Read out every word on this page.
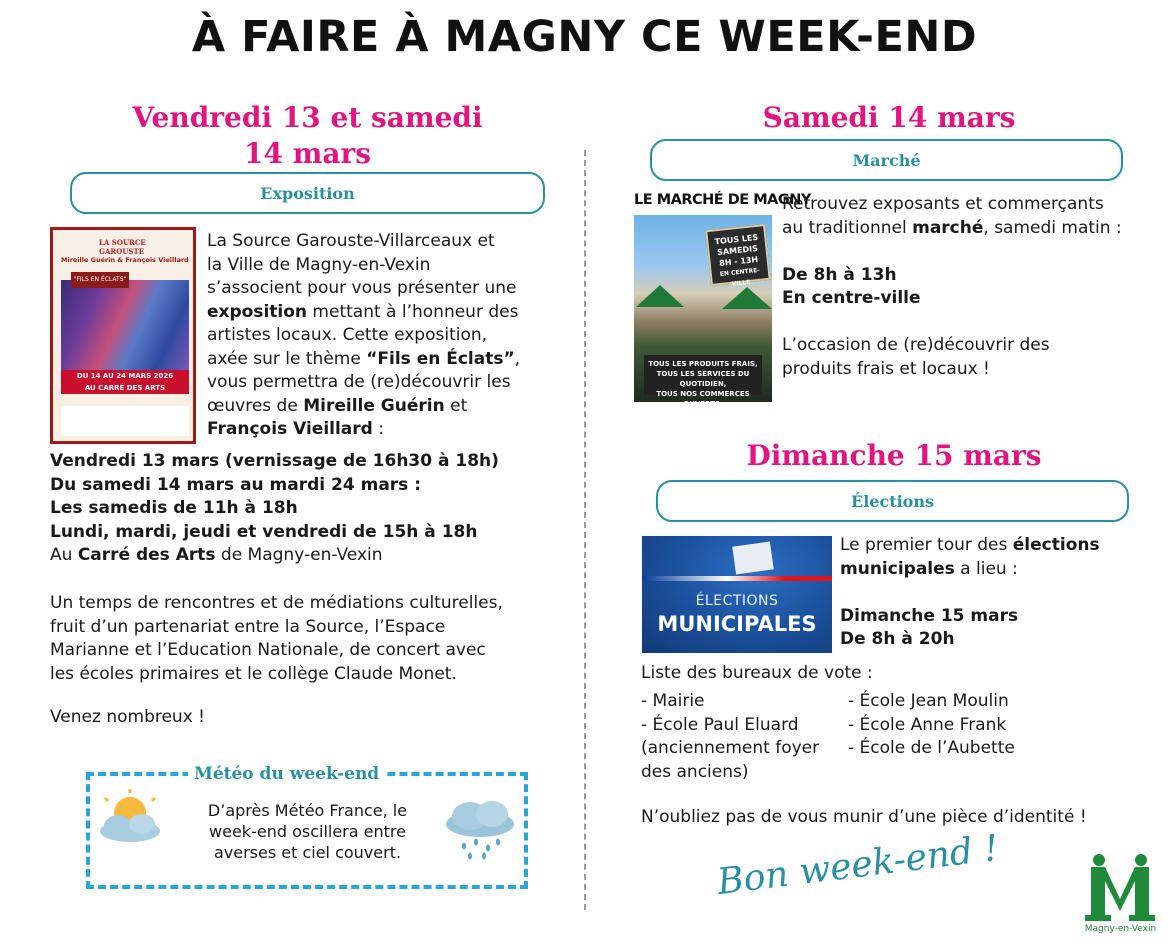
À FAIRE À MAGNY CE WEEK-END
Vendredi 13 et samedi
14 mars
Exposition
LA SOURCE GAROUSTE
Mireille Guérin & François Vieillard
"FILS EN ÉCLATS"
DU 14 AU 24 MARS 2026
AU CARRÉ DES ARTS
La Source Garouste-Villarceaux et
la Ville de Magny-en-Vexin
s’associent pour vous présenter une
exposition mettant à l’honneur des
artistes locaux. Cette exposition,
axée sur le thème “Fils en Éclats”,
vous permettra de (re)découvrir les
œuvres de Mireille Guérin et
François Vieillard :
Vendredi 13 mars (vernissage de 16h30 à 18h)
Du samedi 14 mars au mardi 24 mars :
Les samedis de 11h à 18h
Lundi, mardi, jeudi et vendredi de 15h à 18h
Au Carré des Arts de Magny-en-Vexin
Un temps de rencontres et de médiations culturelles,
fruit d’un partenariat entre la Source, l’Espace
Marianne et l’Education Nationale, de concert avec
les écoles primaires et le collège Claude Monet.
Venez nombreux !
Météo du week-end
D’après Météo France, le
week-end oscillera entre
averses et ciel couvert.
Samedi 14 mars
Marché
LE MARCHÉ DE MAGNY
TOUS LES
SAMEDIS
8H - 13H
EN CENTRE-VILLE
TOUS LES PRODUITS FRAIS,
TOUS LES SERVICES DU QUOTIDIEN,
TOUS NOS COMMERCES OUVERTS.
Retrouvez exposants et commerçants
au traditionnel marché, samedi matin :

De 8h à 13h
En centre-ville

L’occasion de (re)découvrir des
produits frais et locaux !
Dimanche 15 mars
Élections
ÉLECTIONS
MUNICIPALES
Le premier tour des élections
municipales a lieu :

Dimanche 15 mars
De 8h à 20h
Liste des bureaux de vote :
- Mairie
- École Paul Eluard
(anciennement foyer
des anciens)
- École Jean Moulin
- École Anne Frank
- École de l’Aubette
N’oubliez pas de vous munir d’une pièce d’identité !
Bon week-end !
Magny-en-Vexin
